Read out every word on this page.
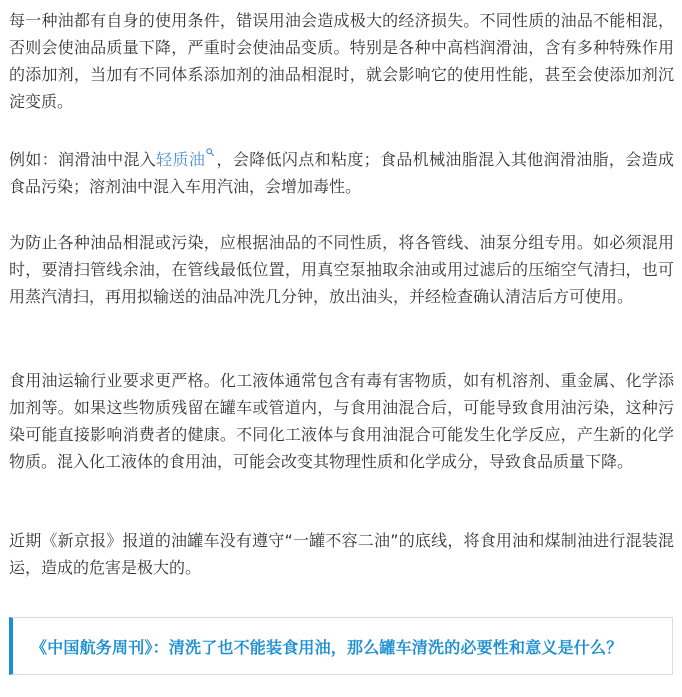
每一种油都有自身的使用条件，错误用油会造成极大的经济损失。不同性质的油品不能相混，否则会使油品质量下降，严重时会使油品变质。特别是各种中高档润滑油，含有多种特殊作用的添加剂，当加有不同体系添加剂的油品相混时，就会影响它的使用性能，甚至会使添加剂沉淀变质。

例如：润滑油中混入轻质油 ，会降低闪点和粘度；食品机械油脂混入其他润滑油脂，会造成食品污染；溶剂油中混入车用汽油，会增加毒性。

为防止各种油品相混或污染，应根据油品的不同性质，将各管线、油泵分组专用。如必须混用时，要清扫管线余油，在管线最低位置，用真空泵抽取余油或用过滤后的压缩空气清扫，也可用蒸汽清扫，再用拟输送的油品冲洗几分钟，放出油头，并经检查确认清洁后方可使用。

食用油运输行业要求更严格。化工液体通常包含有毒有害物质，如有机溶剂、重金属、化学添加剂等。如果这些物质残留在罐车或管道内，与食用油混合后，可能导致食用油污染，这种污染可能直接影响消费者的健康。不同化工液体与食用油混合可能发生化学反应，产生新的化学物质。混入化工液体的食用油，可能会改变其物理性质和化学成分，导致食品质量下降。

近期《新京报》报道的油罐车没有遵守“一罐不容二油”的底线，将食用油和煤制油进行混装混运，造成的危害是极大的。

《中国航务周刊》：清洗了也不能装食用油，那么罐车清洗的必要性和意义是什么？
